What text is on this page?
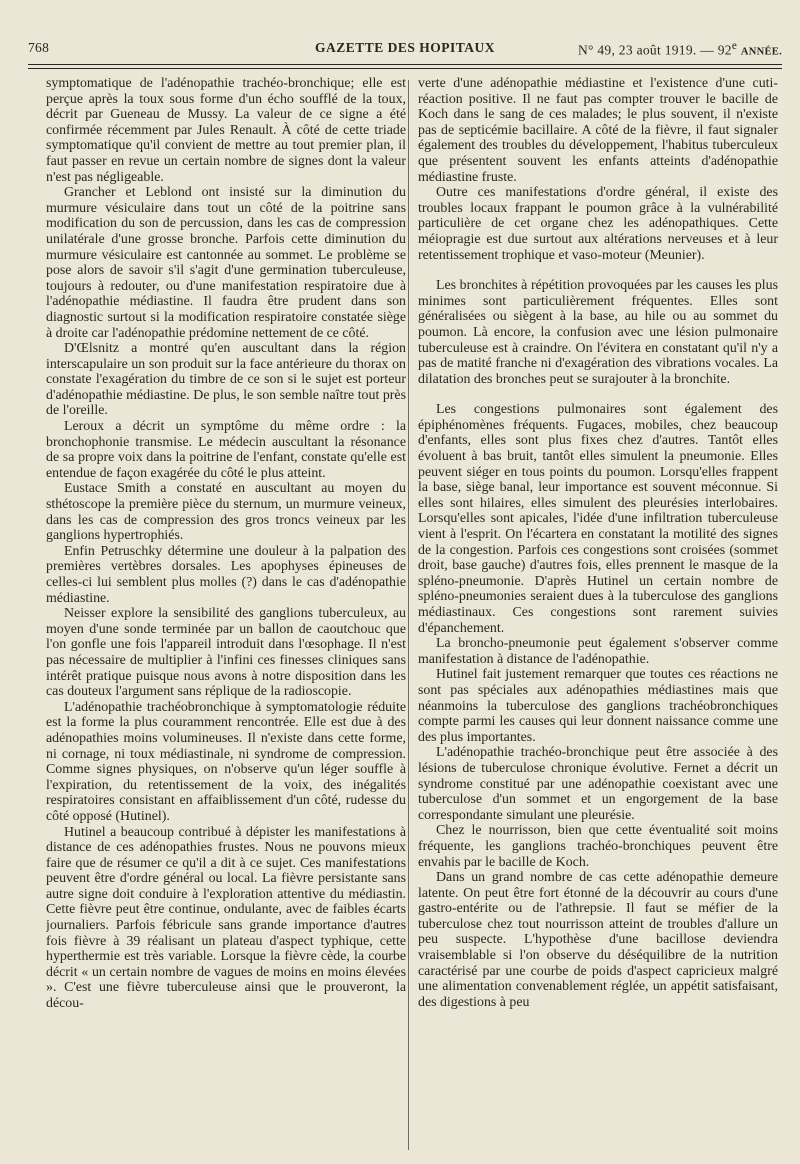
768	GAZETTE DES HOPITAUX	N° 49, 23 août 1919. — 92e ANNÉE.

symptomatique de l'adénopathie trachéo-bronchique; elle est perçue après la toux sous forme d'un écho soufflé de la toux, décrit par Gueneau de Mussy. La valeur de ce signe a été confirmée récemment par Jules Renault. À côté de cette triade symptomatique qu'il convient de mettre au tout premier plan, il faut passer en revue un certain nombre de signes dont la valeur n'est pas négligeable.

Grancher et Leblond ont insisté sur la diminution du murmure vésiculaire dans tout un côté de la poitrine sans modification du son de percussion, dans les cas de compression unilatérale d'une grosse bronche. Parfois cette diminution du murmure vésiculaire est cantonnée au sommet. Le problème se pose alors de savoir s'il s'agit d'une germination tuberculeuse, toujours à redouter, ou d'une manifestation respiratoire due à l'adénopathie médiastine. Il faudra être prudent dans son diagnostic surtout si la modification respiratoire constatée siège à droite car l'adénopathie prédomine nettement de ce côté.

D'Œlsnitz a montré qu'en auscultant dans la région interscapulaire un son produit sur la face antérieure du thorax on constate l'exagération du timbre de ce son si le sujet est porteur d'adénopathie médiastine. De plus, le son semble naître tout près de l'oreille.

Leroux a décrit un symptôme du même ordre : la bronchophonie transmise. Le médecin auscultant la résonance de sa propre voix dans la poitrine de l'enfant, constate qu'elle est entendue de façon exagérée du côté le plus atteint.

Eustace Smith a constaté en auscultant au moyen du sthétoscope la première pièce du sternum, un murmure veineux, dans les cas de compression des gros troncs veineux par les ganglions hypertrophiés.

Enfin Petruschky détermine une douleur à la palpation des premières vertèbres dorsales. Les apophyses épineuses de celles-ci lui semblent plus molles (?) dans le cas d'adénopathie médiastine.

Neisser explore la sensibilité des ganglions tuberculeux, au moyen d'une sonde terminée par un ballon de caoutchouc que l'on gonfle une fois l'appareil introduit dans l'œsophage. Il n'est pas nécessaire de multiplier à l'infini ces finesses cliniques sans intérêt pratique puisque nous avons à notre disposition dans les cas douteux l'argument sans réplique de la radioscopie.

L'adénopathie trachéobronchique à symptomatologie réduite est la forme la plus couramment rencontrée. Elle est due à des adénopathies moins volumineuses. Il n'existe dans cette forme, ni cornage, ni toux médiastinale, ni syndrome de compression. Comme signes physiques, on n'observe qu'un léger souffle à l'expiration, du retentissement de la voix, des inégalités respiratoires consistant en affaiblissement d'un côté, rudesse du côté opposé (Hutinel).

Hutinel a beaucoup contribué à dépister les manifestations à distance de ces adénopathies frustes. Nous ne pouvons mieux faire que de résumer ce qu'il a dit à ce sujet. Ces manifestations peuvent être d'ordre général ou local. La fièvre persistante sans autre signe doit conduire à l'exploration attentive du médiastin. Cette fièvre peut être continue, ondulante, avec de faibles écarts journaliers. Parfois fébricule sans grande importance d'autres fois fièvre à 39 réalisant un plateau d'aspect typhique, cette hyperthermie est très variable. Lorsque la fièvre cède, la courbe décrit « un certain nombre de vagues de moins en moins élevées ». C'est une fièvre tuberculeuse ainsi que le prouveront, la décou-

verte d'une adénopathie médiastine et l'existence d'une cuti-réaction positive. Il ne faut pas compter trouver le bacille de Koch dans le sang de ces malades; le plus souvent, il n'existe pas de septicémie bacillaire. A côté de la fièvre, il faut signaler également des troubles du développement, l'habitus tuberculeux que présentent souvent les enfants atteints d'adénopathie médiastine fruste.

Outre ces manifestations d'ordre général, il existe des troubles locaux frappant le poumon grâce à la vulnérabilité particulière de cet organe chez les adénopathiques. Cette méiopragie est due surtout aux altérations nerveuses et à leur retentissement trophique et vaso-moteur (Meunier).

Les bronchites à répétition provoquées par les causes les plus minimes sont particulièrement fréquentes. Elles sont généralisées ou siègent à la base, au hile ou au sommet du poumon. Là encore, la confusion avec une lésion pulmonaire tuberculeuse est à craindre. On l'évitera en constatant qu'il n'y a pas de matité franche ni d'exagération des vibrations vocales. La dilatation des bronches peut se surajouter à la bronchite.

Les congestions pulmonaires sont également des épiphénomènes fréquents. Fugaces, mobiles, chez beaucoup d'enfants, elles sont plus fixes chez d'autres. Tantôt elles évoluent à bas bruit, tantôt elles simulent la pneumonie. Elles peuvent siéger en tous points du poumon. Lorsqu'elles frappent la base, siège banal, leur importance est souvent méconnue. Si elles sont hilaires, elles simulent des pleurésies interlobaires. Lorsqu'elles sont apicales, l'idée d'une infiltration tuberculeuse vient à l'esprit. On l'écartera en constatant la motilité des signes de la congestion. Parfois ces congestions sont croisées (sommet droit, base gauche) d'autres fois, elles prennent le masque de la spléno-pneumonie. D'après Hutinel un certain nombre de spléno-pneumonies seraient dues à la tuberculose des ganglions médiastinaux. Ces congestions sont rarement suivies d'épanchement.

La broncho-pneumonie peut également s'observer comme manifestation à distance de l'adénopathie.

Hutinel fait justement remarquer que toutes ces réactions ne sont pas spéciales aux adénopathies médiastines mais que néanmoins la tuberculose des ganglions trachéobronchiques compte parmi les causes qui leur donnent naissance comme une des plus importantes.

L'adénopathie trachéo-bronchique peut être associée à des lésions de tuberculose chronique évolutive. Fernet a décrit un syndrome constitué par une adénopathie coexistant avec une tuberculose d'un sommet et un engorgement de la base correspondante simulant une pleurésie.

Chez le nourrisson, bien que cette éventualité soit moins fréquente, les ganglions trachéo-bronchiques peuvent être envahis par le bacille de Koch.

Dans un grand nombre de cas cette adénopathie demeure latente. On peut être fort étonné de la découvrir au cours d'une gastro-entérite ou de l'athrepsie. Il faut se méfier de la tuberculose chez tout nourrisson atteint de troubles d'allure un peu suspecte. L'hypothèse d'une bacillose deviendra vraisemblable si l'on observe du déséquilibre de la nutrition caractérisé par une courbe de poids d'aspect capricieux malgré une alimentation convenablement réglée, un appétit satisfaisant, des digestions à peu
